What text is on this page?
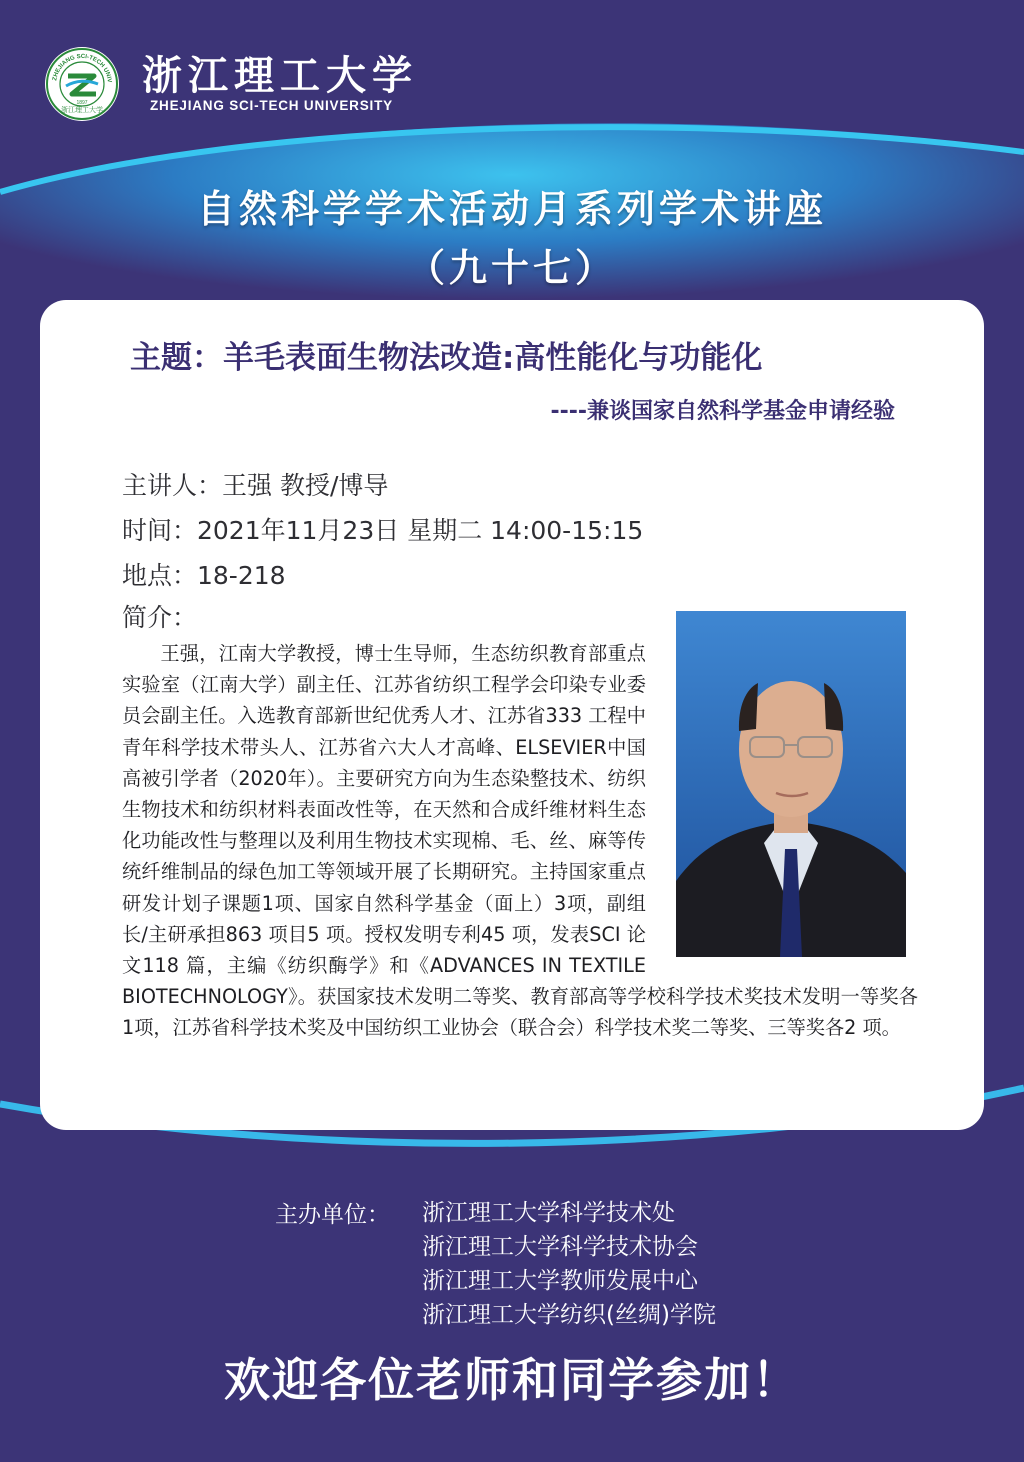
ZHEJIANG SCI-TECH UNIV
浙江理工大学
1897
浙江理工大学
ZHEJIANG SCI-TECH UNIVERSITY
自然科学学术活动月系列学术讲座
（九十七）
主题：羊毛表面生物法改造:高性能化与功能化
----兼谈国家自然科学基金申请经验
主讲人：王强 教授/博导
时间：2021年11月23日 星期二 14:00-15:15
地点：18-218
简介：

王强，江南大学教授，博士生导师，生态纺织教育部重点实验室（江南大学）副主任、江苏省纺织工程学会印染专业委员会副主任。入选教育部新世纪优秀人才、江苏省333 工程中青年科学技术带头人、江苏省六大人才高峰、ELSEVIER中国高被引学者（2020年）。主要研究方向为生态染整技术、纺织生物技术和纺织材料表面改性等，在天然和合成纤维材料生态化功能改性与整理以及利用生物技术实现棉、毛、丝、麻等传统纤维制品的绿色加工等领域开展了长期研究。主持国家重点研发计划子课题1项、国家自然科学基金（面上）3项，副组长/主研承担863 项目5 项。授权发明专利45 项，发表SCI 论文118 篇，主编《纺织酶学》和《ADVANCES IN TEXTILE BIOTECHNOLOGY》。获国家技术发明二等奖、教育部高等学校科学技术奖技术发明一等奖各1项，江苏省科学技术奖及中国纺织工业协会（联合会）科学技术奖二等奖、三等奖各2 项。

主办单位： 浙江理工大学科学技术处
浙江理工大学科学技术协会
浙江理工大学教师发展中心
浙江理工大学纺织(丝绸)学院
欢迎各位老师和同学参加！
